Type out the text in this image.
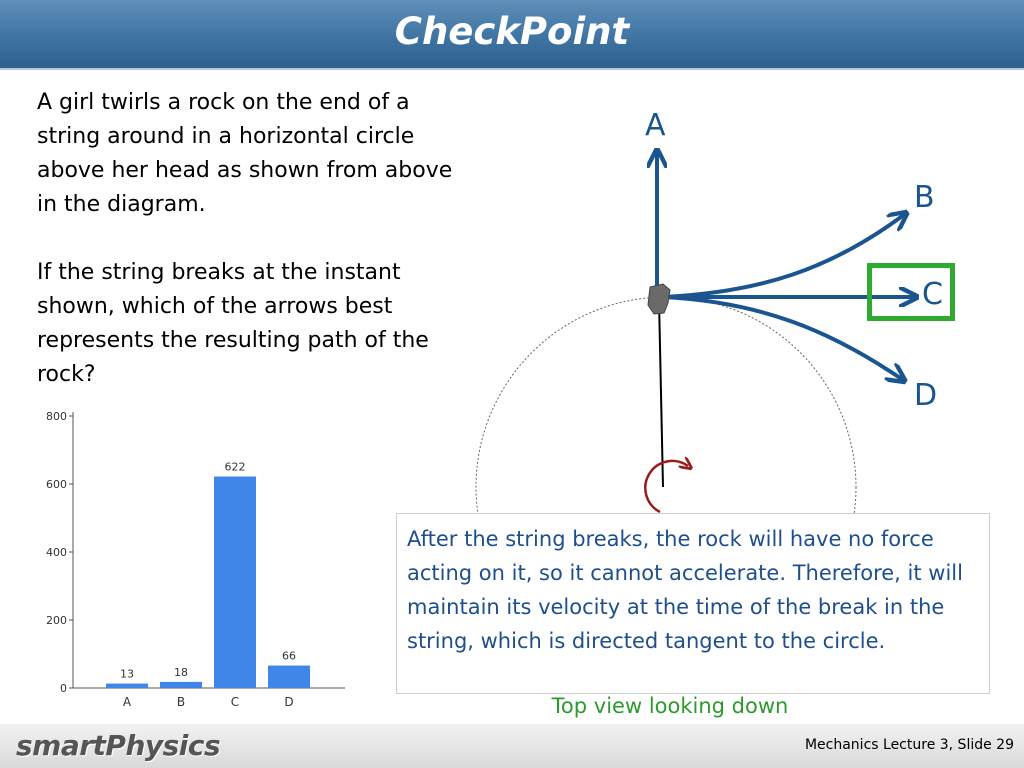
CheckPoint

A girl twirls a rock on the end of a string around in a horizontal circle above her head as shown from above in the diagram.

If the string breaks at the instant shown, which of the arrows best represents the resulting path of the rock?

A
B
C
D
0
200
400
600
800
13
A
18
B
622
C
66
D
After the string breaks, the rock will have no force acting on it, so it cannot accelerate. Therefore, it will maintain its velocity at the time of the break in the string, which is directed tangent to the circle.
Top view looking down
smartPhysics	Mechanics Lecture 3, Slide 29
